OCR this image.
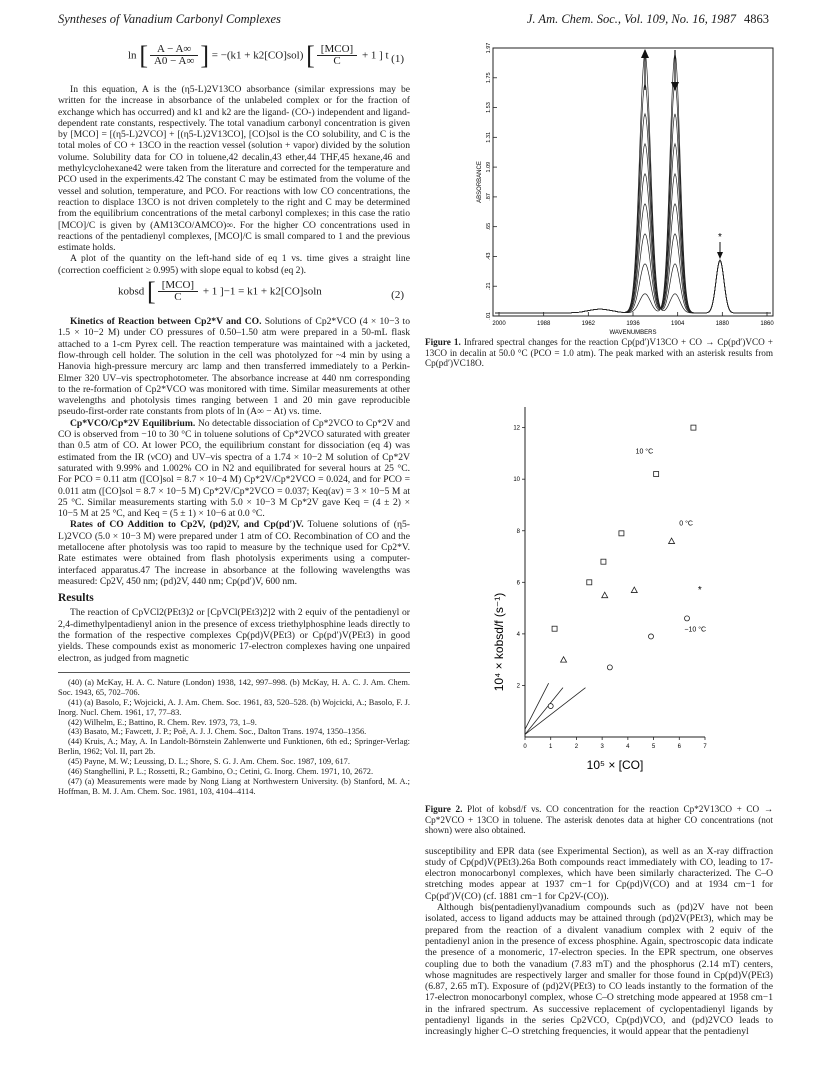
Syntheses of Vanadium Carbonyl Complexes	J. Am. Chem. Soc., Vol. 109, No. 16, 1987 4863
ln [ $\frac{A - A\infty}{A0 - A\infty}$ ] = −(k1 + k2[CO]sol) [ $\frac{\text{[MCO]}}{C} + 1$ ] t (1)

In this equation, A is the (η5-L)2V13CO absorbance (similar expressions may be written for the increase in absorbance of the unlabeled complex or for the fraction of exchange which has occurred) and k1 and k2 are the ligand- (CO-) independent and ligand-dependent rate constants, respectively. The total vanadium carbonyl concentration is given by [MCO] = [(η5-L)2VCO] + [(η5-L)2V13CO], [CO]sol is the CO solubility, and C is the total moles of CO + 13CO in the reaction vessel (solution + vapor) divided by the solution volume. Solubility data for CO in toluene,42 decalin,43 ether,44 THF,45 hexane,46 and methylcyclohexane42 were taken from the literature and corrected for the temperature and PCO used in the experiments.42 The constant C may be estimated from the volume of the vessel and solution, temperature, and PCO. For reactions with low CO concentrations, the reaction to displace 13CO is not driven completely to the right and C may be determined from the equilibrium concentrations of the metal carbonyl complexes; in this case the ratio [MCO]/C is given by (AM13CO/AMCO)∞. For the higher CO concentrations used in reactions of the pentadienyl complexes, [MCO]/C is small compared to 1 and the previous estimate holds.

A plot of the quantity on the left-hand side of eq 1 vs. time gives a straight line (correction coefficient ≥ 0.995) with slope equal to kobsd (eq 2).

kobsd [ $\frac{\text{[MCO]}}{C} + 1$ ]−1 = k1 + k2[CO]soln	(2)

Kinetics of Reaction between Cp2*V and CO. Solutions of Cp2*VCO (4 × 10−3 to 1.5 × 10−2 M) under CO pressures of 0.50–1.50 atm were prepared in a 50-mL flask attached to a 1-cm Pyrex cell. The reaction temperature was maintained with a jacketed, flow-through cell holder. The solution in the cell was photolyzed for ~4 min by using a Hanovia high-pressure mercury arc lamp and then transferred immediately to a Perkin-Elmer 320 UV–vis spectrophotometer. The absorbance increase at 440 nm corresponding to the re-formation of Cp2*VCO was monitored with time. Similar measurements at other wavelengths and photolysis times ranging between 1 and 20 min gave reproducible pseudo-first-order rate constants from plots of ln (A∞ − At) vs. time.

Cp*VCO/Cp*2V Equilibrium. No detectable dissociation of Cp*2VCO to Cp*2V and CO is observed from −10 to 30 °C in toluene solutions of Cp*2VCO saturated with greater than 0.5 atm of CO. At lower PCO, the equilibrium constant for dissociation (eq 4) was estimated from the IR (νCO) and UV–vis spectra of a 1.74 × 10−2 M solution of Cp*2V saturated with 9.99% and 1.002% CO in N2 and equilibrated for several hours at 25 °C. For PCO = 0.11 atm ([CO]sol = 8.7 × 10−4 M) Cp*2V/Cp*2VCO = 0.024, and for PCO = 0.011 atm ([CO]sol = 8.7 × 10−5 M) Cp*2V/Cp*2VCO = 0.037; Keq(av) = 3 × 10−5 M at 25 °C. Similar measurements starting with 5.0 × 10−3 M Cp*2V gave Keq = (4 ± 2) × 10−5 M at 25 °C, and Keq = (5 ± 1) × 10−6 at 0.0 °C.

Rates of CO Addition to Cp2V, (pd)2V, and Cp(pd′)V. Toluene solutions of (η5-L)2VCO (5.0 × 10−3 M) were prepared under 1 atm of CO. Recombination of CO and the metallocene after photolysis was too rapid to measure by the technique used for Cp2*V. Rate estimates were obtained from flash photolysis experiments using a computer-interfaced apparatus.47 The increase in absorbance at the following wavelengths was measured: Cp2V, 450 nm; (pd)2V, 440 nm; Cp(pd′)V, 600 nm.

Results

The reaction of CpVCl2(PEt3)2 or [CpVCl(PEt3)2]2 with 2 equiv of the pentadienyl or 2,4-dimethylpentadienyl anion in the presence of excess triethylphosphine leads directly to the formation of the respective complexes Cp(pd)V(PEt3) or Cp(pd′)V(PEt3) in good yields. These compounds exist as monomeric 17-electron complexes having one unpaired electron, as judged from magnetic

(40) (a) McKay, H. A. C. Nature (London) 1938, 142, 997–998. (b) McKay, H. A. C. J. Am. Chem. Soc. 1943, 65, 702–706.
(41) (a) Basolo, F.; Wojcicki, A. J. Am. Chem. Soc. 1961, 83, 520–528. (b) Wojcicki, A.; Basolo, F. J. Inorg. Nucl. Chem. 1961, 17, 77–83.
(42) Wilhelm, E.; Battino, R. Chem. Rev. 1973, 73, 1–9.
(43) Basato, M.; Fawcett, J. P.; Poë, A. J. J. Chem. Soc., Dalton Trans. 1974, 1350–1356.
(44) Kruis, A.; May, A. In Landolt-Börnstein Zahlenwerte und Funktionen, 6th ed.; Springer-Verlag: Berlin, 1962; Vol. II, part 2b.
(45) Payne, M. W.; Leussing, D. L.; Shore, S. G. J. Am. Chem. Soc. 1987, 109, 617.
(46) Stanghellini, P. L.; Rossetti, R.; Gambino, O.; Cetini, G. Inorg. Chem. 1971, 10, 2672.
(47) (a) Measurements were made by Nong Liang at Northwestern University. (b) Stanford, M. A.; Hoffman, B. M. J. Am. Chem. Soc. 1981, 103, 4104–4114.
ABSORBANCE
.01
.21
.43
.65
.87
1.09
1.31
1.53
1.75
1.97
2000	1988	1962	1936	1904	1880	1860
WAVENUMBERS
*
Figure 1. Infrared spectral changes for the reaction Cp(pd′)V13CO + CO → Cp(pd′)VCO + 13CO in decalin at 50.0 °C (PCO = 1.0 atm). The peak marked with an asterisk results from Cp(pd′)VC18O.
0	1	2	3	4	5	6	7
2
4
6
8
10
12
10⁵ × [CO]
10⁴ × kobsd/f (s⁻¹)
10 °C
0 °C
−10 °C
*
Figure 2. Plot of kobsd/f vs. CO concentration for the reaction Cp*2V13CO + CO → Cp*2VCO + 13CO in toluene. The asterisk denotes data at higher CO concentrations (not shown) were also obtained.

susceptibility and EPR data (see Experimental Section), as well as an X-ray diffraction study of Cp(pd)V(PEt3).26a Both compounds react immediately with CO, leading to 17-electron monocarbonyl complexes, which have been similarly characterized. The C–O stretching modes appear at 1937 cm−1 for Cp(pd)V(CO) and at 1934 cm−1 for Cp(pd′)V(CO) (cf. 1881 cm−1 for Cp2V-(CO)).

Although bis(pentadienyl)vanadium compounds such as (pd)2V have not been isolated, access to ligand adducts may be attained through (pd)2V(PEt3), which may be prepared from the reaction of a divalent vanadium complex with 2 equiv of the pentadienyl anion in the presence of excess phosphine. Again, spectroscopic data indicate the presence of a monomeric, 17-electron species. In the EPR spectrum, one observes coupling due to both the vanadium (7.83 mT) and the phosphorus (2.14 mT) centers, whose magnitudes are respectively larger and smaller for those found in Cp(pd)V(PEt3) (6.87, 2.65 mT). Exposure of (pd)2V(PEt3) to CO leads instantly to the formation of the 17-electron monocarbonyl complex, whose C–O stretching mode appeared at 1958 cm−1 in the infrared spectrum. As successive replacement of cyclopentadienyl ligands by pentadienyl ligands in the series Cp2VCO, Cp(pd)VCO, and (pd)2VCO leads to increasingly higher C–O stretching frequencies, it would appear that the pentadienyl
